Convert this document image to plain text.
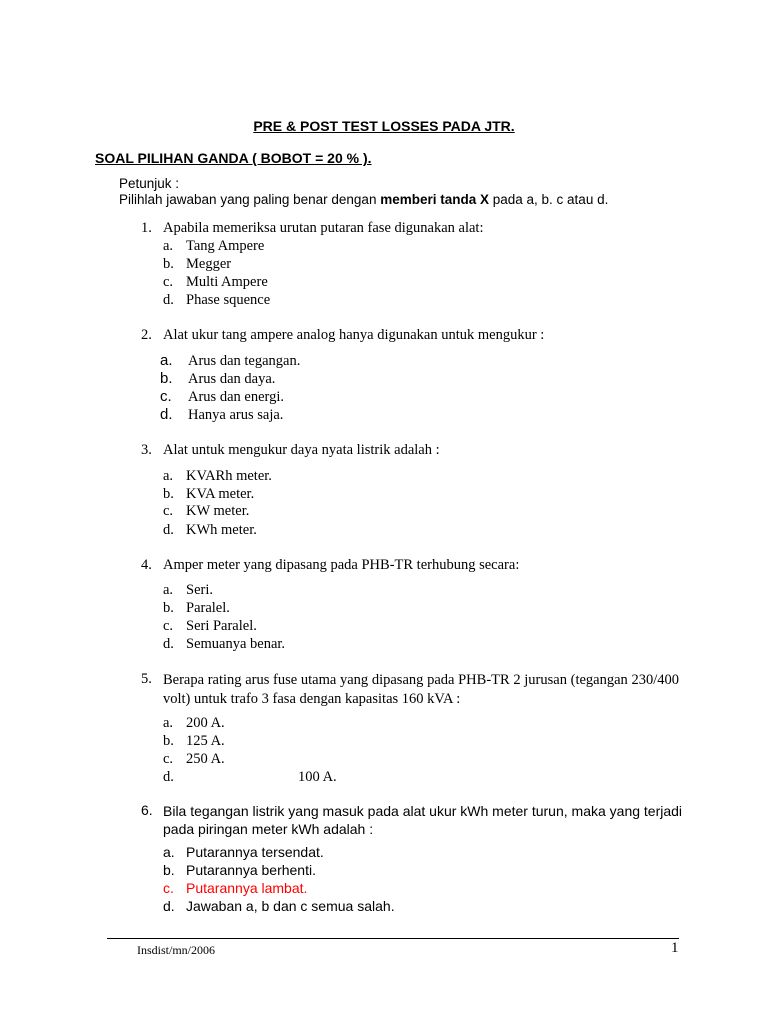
PRE & POST TEST LOSSES PADA JTR.
SOAL PILIHAN GANDA ( BOBOT = 20 % ).
Petunjuk :
Pilihlah jawaban yang paling benar dengan memberi tanda X pada a, b. c atau d.
1. Apabila memeriksa urutan putaran fase digunakan alat:
a. Tang Ampere
b. Megger
c. Multi Ampere
d. Phase squence
2. Alat ukur tang ampere analog hanya digunakan untuk mengukur :
a. Arus dan tegangan.
b. Arus dan daya.
c. Arus dan energi.
d. Hanya arus saja.
3. Alat untuk mengukur daya nyata listrik adalah :
a. KVARh meter.
b. KVA meter.
c. KW meter.
d. KWh meter.
4. Amper meter yang dipasang pada PHB-TR terhubung secara:
a. Seri.
b. Paralel.
c. Seri Paralel.
d. Semuanya benar.
5. Berapa rating arus fuse utama yang dipasang pada PHB-TR 2 jurusan (tegangan 230/400 volt) untuk trafo 3 fasa dengan kapasitas 160 kVA :
a. 200 A.
b. 125 A.
c. 250 A.
d.	100 A.
6. Bila tegangan listrik yang masuk pada alat ukur kWh meter turun, maka yang terjadi pada piringan meter kWh adalah :
a. Putarannya tersendat.
b. Putarannya berhenti.
c. Putarannya lambat.
d. Jawaban a, b dan c semua salah.
Insdist/mn/2006	1
